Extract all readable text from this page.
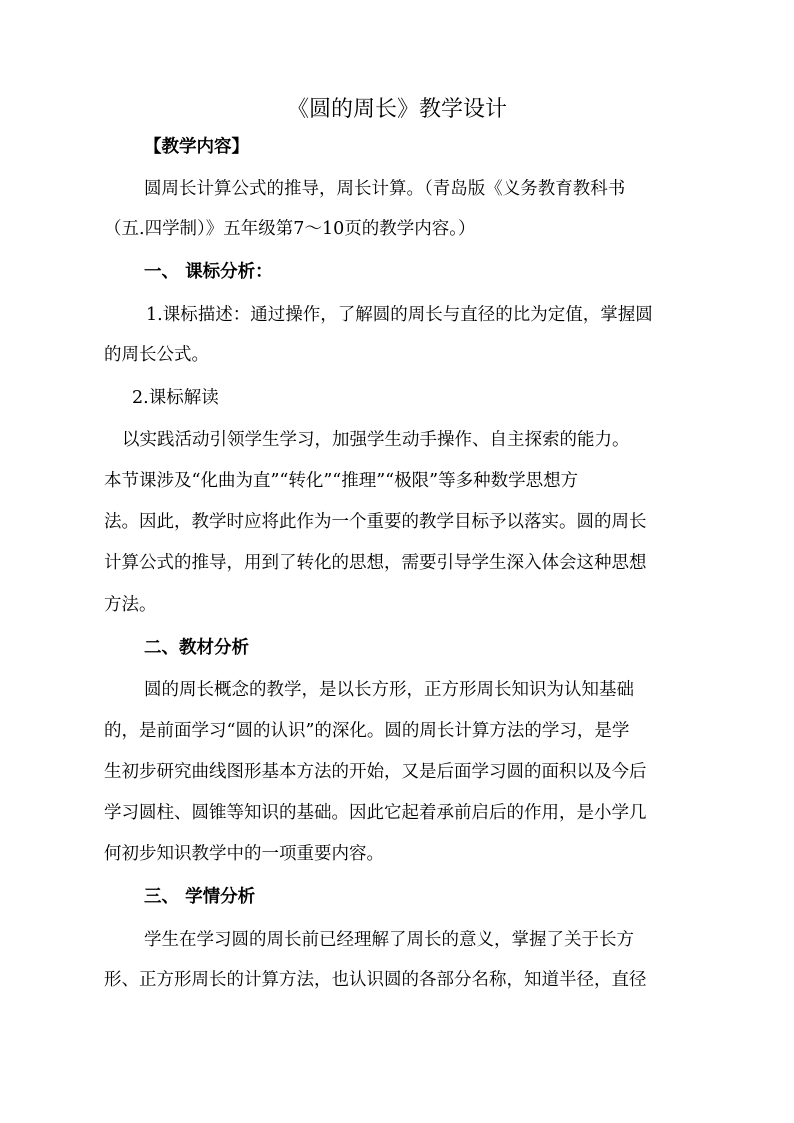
《圆的周长》教学设计

【教学内容】

圆周长计算公式的推导，周长计算。（青岛版《义务教育教科书

（五.四学制）》五年级第7～10页的教学内容。）

一、 课标分析：

1.课标描述：通过操作，了解圆的周长与直径的比为定值，掌握圆

的周长公式。

2.课标解读

以实践活动引领学生学习，加强学生动手操作、自主探索的能力。

本节课涉及“化曲为直”“转化”“推理”“极限”等多种数学思想方

法。因此，教学时应将此作为一个重要的教学目标予以落实。圆的周长

计算公式的推导，用到了转化的思想，需要引导学生深入体会这种思想

方法。

二、教材分析

圆的周长概念的教学，是以长方形，正方形周长知识为认知基础

的，是前面学习“圆的认识”的深化。圆的周长计算方法的学习，是学

生初步研究曲线图形基本方法的开始，又是后面学习圆的面积以及今后

学习圆柱、圆锥等知识的基础。因此它起着承前启后的作用，是小学几

何初步知识教学中的一项重要内容。

三、 学情分析

学生在学习圆的周长前已经理解了周长的意义，掌握了关于长方

形、正方形周长的计算方法，也认识圆的各部分名称，知道半径，直径
